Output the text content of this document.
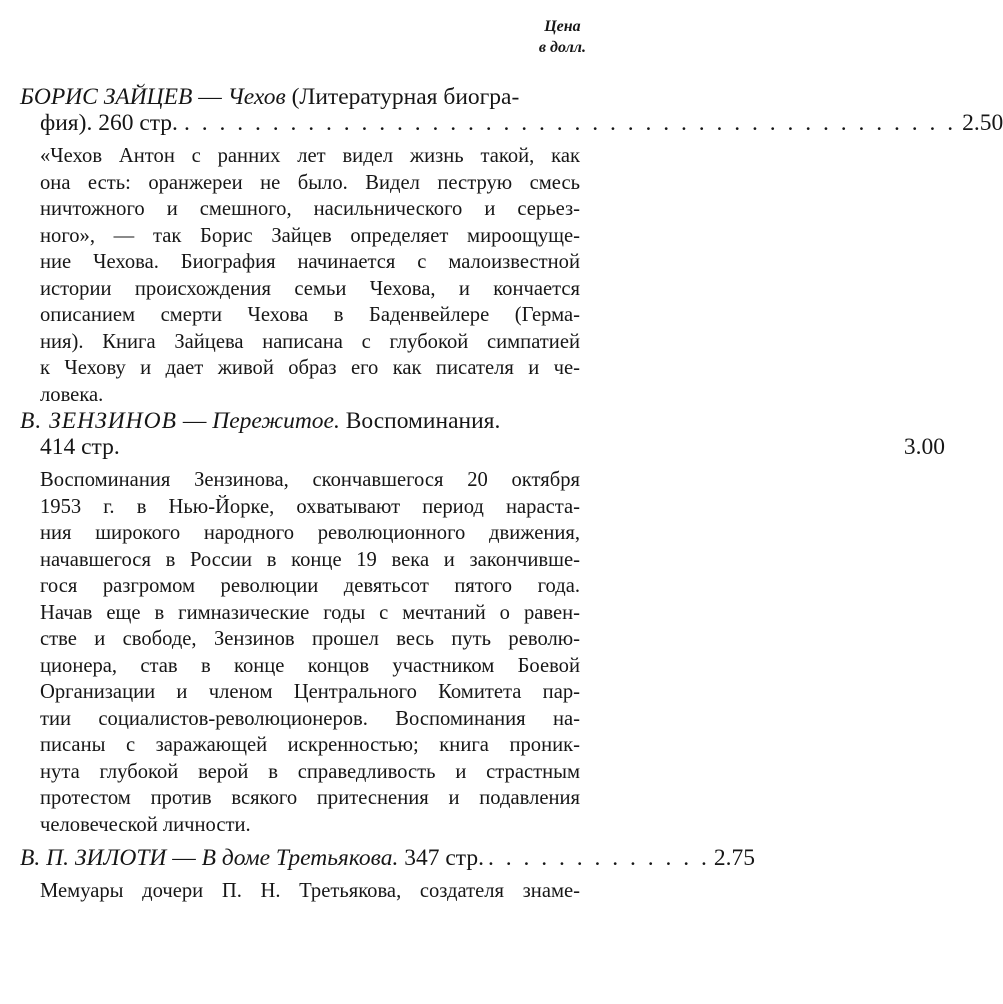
Цена
в долл.
БОРИС ЗАЙЦЕВ — Чехов (Литературная биогра-
фия). 260 стр. . . . . . . . . . . . . . . . . . . . . . . . . . . . . . . . . . . . . . . . . . . . . 2.50
«Чехов Антон с ранних лет видел жизнь такой, как
она есть: оранжереи не было. Видел пеструю смесь
ничтожного и смешного, насильнического и серьез-
ного», — так Борис Зайцев определяет мироощуще-
ние Чехова. Биография начинается с малоизвестной
истории происхождения семьи Чехова, и кончается
описанием смерти Чехова в Баденвейлере (Герма-
ния). Книга Зайцева написана с глубокой симпатией
к Чехову и дает живой образ его как писателя и че-
ловека.
В. ЗЕНЗИНОВ — Пережитое. Воспоминания.
414 стр.	3.00
Воспоминания Зензинова, скончавшегося 20 октября
1953 г. в Нью-Йорке, охватывают период нараста-
ния широкого народного революционного движения,
начавшегося в России в конце 19 века и закончивше-
гося разгромом революции девятьсот пятого года.
Начав еще в гимназические годы с мечтаний о равен-
стве и свободе, Зензинов прошел весь путь револю-
ционера, став в конце концов участником Боевой
Организации и членом Центрального Комитета пар-
тии социалистов-революционеров. Воспоминания на-
писаны с заражающей искренностью; книга проник-
нута глубокой верой в справедливость и страстным
протестом против всякого притеснения и подавления
человеческой личности.
В. П. ЗИЛОТИ — В доме Третьякова. 347 стр. . . . . . . . . . . . . . 2.75
Мемуары дочери П. Н. Третьякова, создателя знаме-
